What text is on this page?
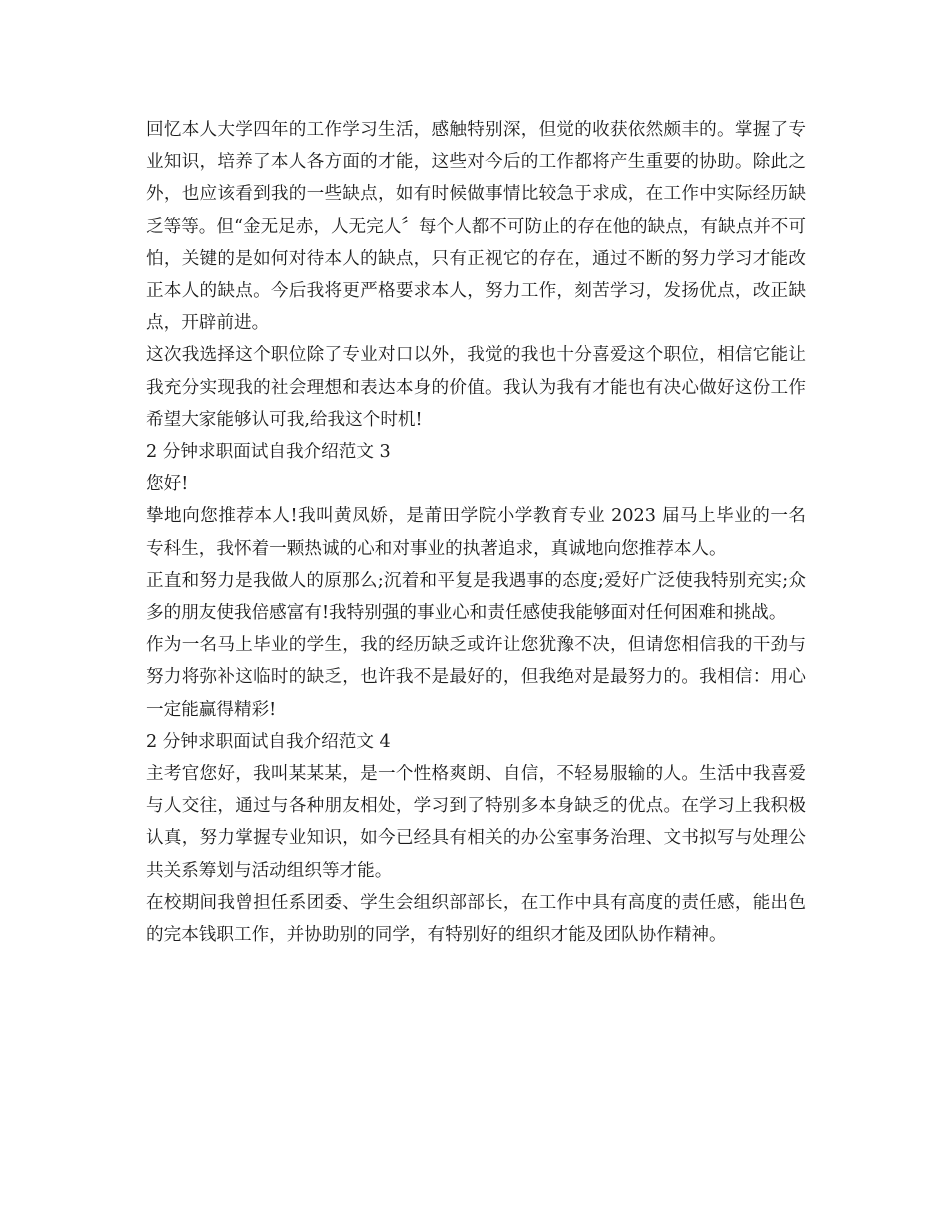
回忆本人大学四年的工作学习生活，感触特别深，但觉的收获依然颇丰的。掌握了专业知识，培养了本人各方面的才能，这些对今后的工作都将产生重要的协助。除此之外，也应该看到我的一些缺点，如有时候做事情比较急于求成，在工作中实际经历缺乏等等。但“金无足赤，人无完人〞每个人都不可防止的存在他的缺点，有缺点并不可怕，关键的是如何对待本人的缺点，只有正视它的存在，通过不断的努力学习才能改正本人的缺点。今后我将更严格要求本人，努力工作，刻苦学习，发扬优点，改正缺点，开辟前进。

这次我选择这个职位除了专业对口以外，我觉的我也十分喜爱这个职位，相信它能让我充分实现我的社会理想和表达本身的价值。我认为我有才能也有决心做好这份工作希望大家能够认可我,给我这个时机!

2 分钟求职面试自我介绍范文 3

您好!

挚地向您推荐本人!我叫黄凤娇，是莆田学院小学教育专业 2023 届马上毕业的一名专科生，我怀着一颗热诚的心和对事业的执著追求，真诚地向您推荐本人。

正直和努力是我做人的原那么;沉着和平复是我遇事的态度;爱好广泛使我特别充实;众多的朋友使我倍感富有!我特别强的事业心和责任感使我能够面对任何困难和挑战。

作为一名马上毕业的学生，我的经历缺乏或许让您犹豫不决，但请您相信我的干劲与努力将弥补这临时的缺乏，也许我不是最好的，但我绝对是最努力的。我相信：用心一定能赢得精彩!

2 分钟求职面试自我介绍范文 4

主考官您好，我叫某某某，是一个性格爽朗、自信，不轻易服输的人。生活中我喜爱与人交往，通过与各种朋友相处，学习到了特别多本身缺乏的优点。在学习上我积极认真，努力掌握专业知识，如今已经具有相关的办公室事务治理、文书拟写与处理公共关系筹划与活动组织等才能。

在校期间我曾担任系团委、学生会组织部部长，在工作中具有高度的责任感，能出色的完本钱职工作，并协助别的同学，有特别好的组织才能及团队协作精神。
